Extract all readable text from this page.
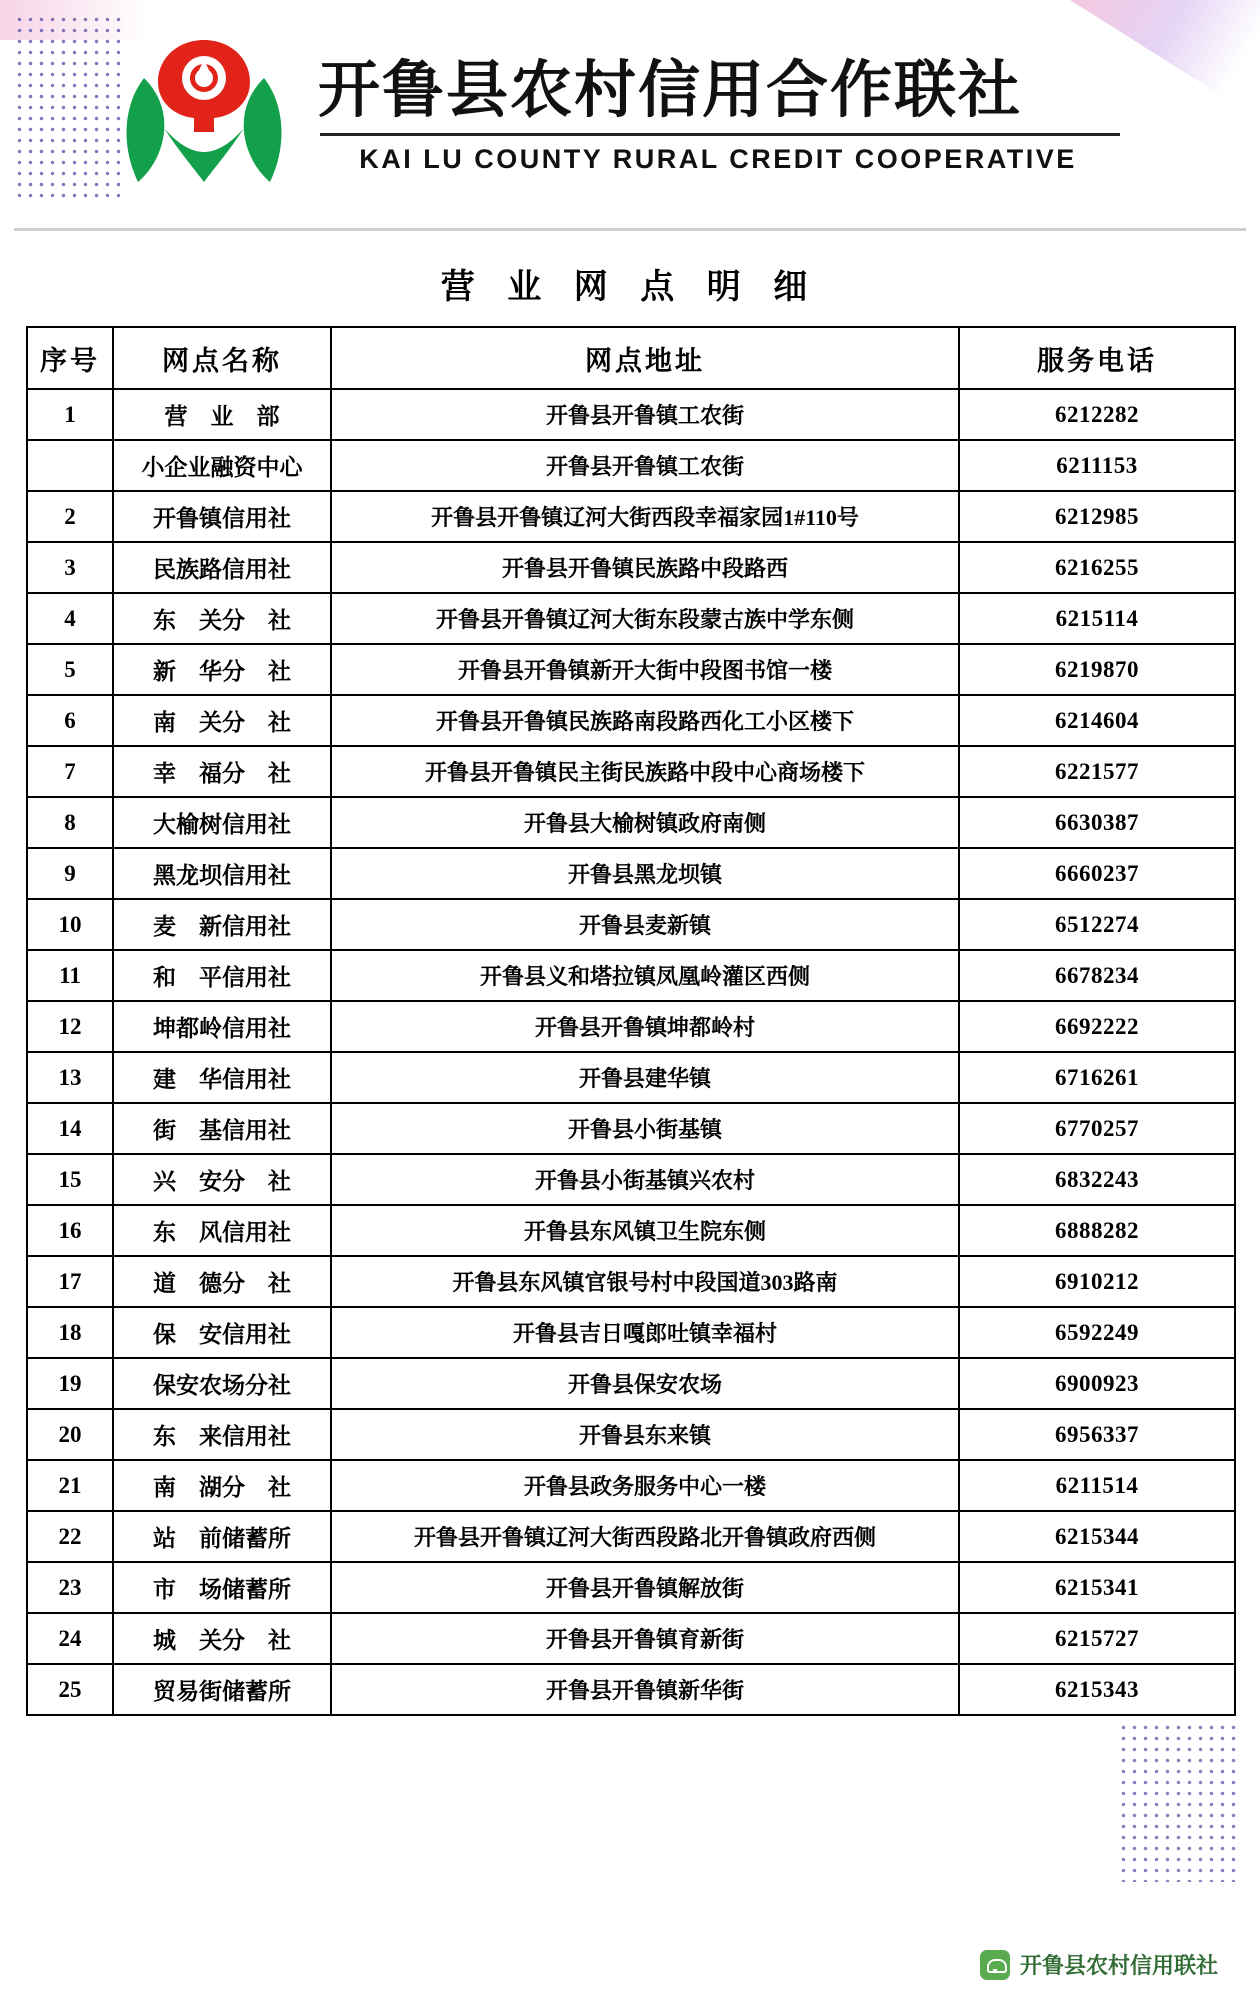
开鲁县农村信用合作联社
KAI LU COUNTY RURAL CREDIT COOPERATIVE
营 业 网 点 明 细
序号	网点名称	网点地址	服务电话
1	营　业　部	开鲁县开鲁镇工农街	6212282
	小企业融资中心	开鲁县开鲁镇工农街	6211153
2	开鲁镇信用社	开鲁县开鲁镇辽河大街西段幸福家园1#110号	6212985
3	民族路信用社	开鲁县开鲁镇民族路中段路西	6216255
4	东　关分　社	开鲁县开鲁镇辽河大街东段蒙古族中学东侧	6215114
5	新　华分　社	开鲁县开鲁镇新开大街中段图书馆一楼	6219870
6	南　关分　社	开鲁县开鲁镇民族路南段路西化工小区楼下	6214604
7	幸　福分　社	开鲁县开鲁镇民主街民族路中段中心商场楼下	6221577
8	大榆树信用社	开鲁县大榆树镇政府南侧	6630387
9	黑龙坝信用社	开鲁县黑龙坝镇	6660237
10	麦　新信用社	开鲁县麦新镇	6512274
11	和　平信用社	开鲁县义和塔拉镇凤凰岭灌区西侧	6678234
12	坤都岭信用社	开鲁县开鲁镇坤都岭村	6692222
13	建　华信用社	开鲁县建华镇	6716261
14	街　基信用社	开鲁县小街基镇	6770257
15	兴　安分　社	开鲁县小街基镇兴农村	6832243
16	东　风信用社	开鲁县东风镇卫生院东侧	6888282
17	道　德分　社	开鲁县东风镇官银号村中段国道303路南	6910212
18	保　安信用社	开鲁县吉日嘎郎吐镇幸福村	6592249
19	保安农场分社	开鲁县保安农场	6900923
20	东　来信用社	开鲁县东来镇	6956337
21	南　湖分　社	开鲁县政务服务中心一楼	6211514
22	站　前储蓄所	开鲁县开鲁镇辽河大街西段路北开鲁镇政府西侧	6215344
23	市　场储蓄所	开鲁县开鲁镇解放街	6215341
24	城　关分　社	开鲁县开鲁镇育新街	6215727
25	贸易街储蓄所	开鲁县开鲁镇新华街	6215343
开鲁县农村信用联社
